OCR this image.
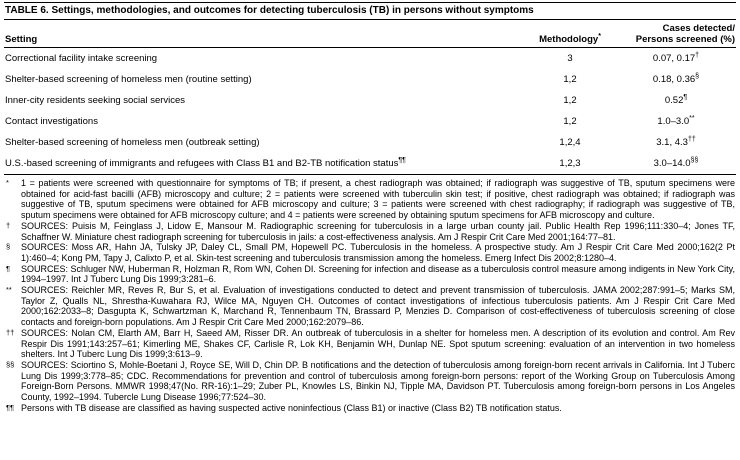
TABLE 6. Settings, methodologies, and outcomes for detecting tuberculosis (TB) in persons without symptoms
Setting	Methodology*	Cases detected/
Persons screened (%)
Correctional facility intake screening	3	0.07, 0.17†
Shelter-based screening of homeless men (routine setting)	1,2	0.18, 0.36§
Inner-city residents seeking social services	1,2	0.52¶
Contact investigations	1,2	1.0–3.0**
Shelter-based screening of homeless men (outbreak setting)	1,2,4	3.1, 4.3††
U.S.-based screening of immigrants and refugees with Class B1 and B2-TB notification status¶¶	1,2,3	3.0–14.0§§
*	1 = patients were screened with questionnaire for symptoms of TB; if present, a chest radiograph was obtained; if radiograph was suggestive of TB, sputum specimens were obtained for acid-fast bacilli (AFB) microscopy and culture; 2 = patients were screened with tuberculin skin test; if positive, chest radiograph was obtained; if radiograph was suggestive of TB, sputum specimens were obtained for AFB microscopy and culture; 3 = patients were screened with chest radiography; if radiograph was suggestive of TB, sputum specimens were obtained for AFB microscopy culture; and 4 = patients were screened by obtaining sputum specimens for AFB microscopy and culture.
†	SOURCES: Puisis M, Feinglass J, Lidow E, Mansour M. Radiographic screening for tuberculosis in a large urban county jail. Public Health Rep 1996;111:330–4; Jones TF, Schaffner W. Miniature chest radiograph screening for tuberculosis in jails: a cost-effectiveness analysis. Am J Respir Crit Care Med 2001;164:77–81.
§	SOURCES: Moss AR, Hahn JA, Tulsky JP, Daley CL, Small PM, Hopewell PC. Tuberculosis in the homeless. A prospective study. Am J Respir Crit Care Med 2000;162(2 Pt 1):460–4; Kong PM, Tapy J, Calixto P, et al. Skin-test screening and tuberculosis transmission among the homeless. Emerg Infect Dis 2002;8:1280–4.
¶	SOURCES: Schluger NW, Huberman R, Holzman R, Rom WN, Cohen DI. Screening for infection and disease as a tuberculosis control measure among indigents in New York City, 1994–1997. Int J Tuberc Lung Dis 1999;3:281–6.
**	SOURCES: Reichler MR, Reves R, Bur S, et al. Evaluation of investigations conducted to detect and prevent transmission of tuberculosis. JAMA 2002;287:991–5; Marks SM, Taylor Z, Qualls NL, Shrestha-Kuwahara RJ, Wilce MA, Nguyen CH. Outcomes of contact investigations of infectious tuberculosis patients. Am J Respir Crit Care Med 2000;162:2033–8; Dasgupta K, Schwartzman K, Marchand R, Tennenbaum TN, Brassard P, Menzies D. Comparison of cost-effectiveness of tuberculosis screening of close contacts and foreign-born populations. Am J Respir Crit Care Med 2000;162:2079–86.
†† SOURCES: Nolan CM, Elarth AM, Barr H, Saeed AM, Risser DR. An outbreak of tuberculosis in a shelter for homeless men. A description of its evolution and control. Am Rev Respir Dis 1991;143:257–61; Kimerling ME, Shakes CF, Carlisle R, Lok KH, Benjamin WH, Dunlap NE. Spot sputum screening: evaluation of an intervention in two homeless shelters. Int J Tuberc Lung Dis 1999;3:613–9.
§§ SOURCES: Sciortino S, Mohle-Boetani J, Royce SE, Will D, Chin DP. B notifications and the detection of tuberculosis among foreign-born recent arrivals in California. Int J Tuberc Lung Dis 1999;3:778–85; CDC. Recommendations for prevention and control of tuberculosis among foreign-born persons: report of the Working Group on Tuberculosis Among Foreign-Born Persons. MMWR 1998;47(No. RR-16):1–29; Zuber PL, Knowles LS, Binkin NJ, Tipple MA, Davidson PT. Tuberculosis among foreign-born persons in Los Angeles County, 1992–1994. Tubercle Lung Disease 1996;77:524–30.
¶¶ Persons with TB disease are classified as having suspected active noninfectious (Class B1) or inactive (Class B2) TB notification status.
